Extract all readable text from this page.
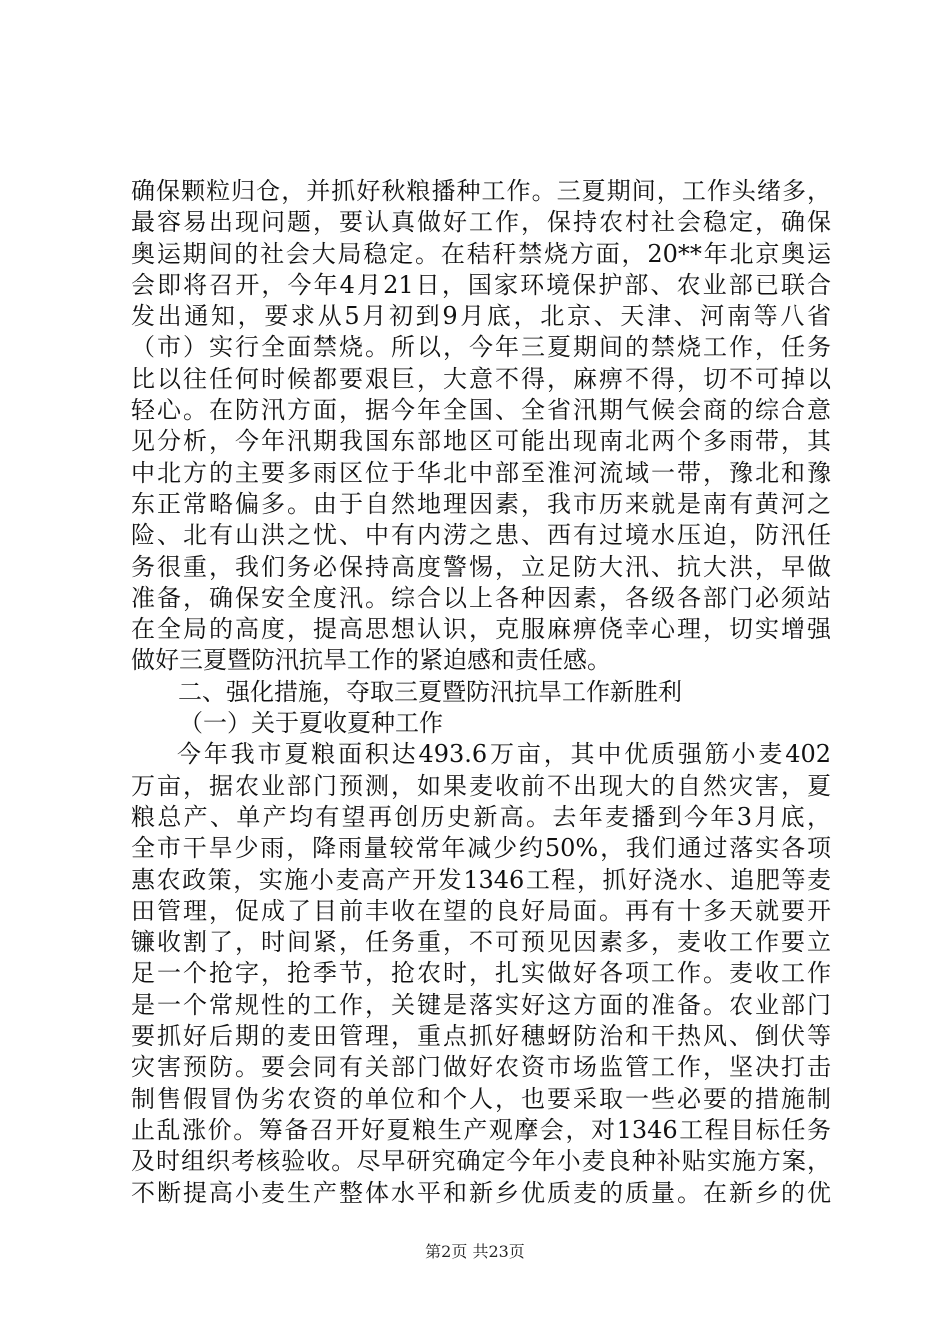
确保颗粒归仓，并抓好秋粮播种工作。三夏期间，工作头绪多，
最容易出现问题，要认真做好工作，保持农村社会稳定，确保
奥运期间的社会大局稳定。在秸秆禁烧方面，20**年北京奥运
会即将召开，今年4月21日，国家环境保护部、农业部已联合
发出通知，要求从5月初到9月底，北京、天津、河南等八省
（市）实行全面禁烧。所以，今年三夏期间的禁烧工作，任务
比以往任何时候都要艰巨，大意不得，麻痹不得，切不可掉以
轻心。在防汛方面，据今年全国、全省汛期气候会商的综合意
见分析，今年汛期我国东部地区可能出现南北两个多雨带，其
中北方的主要多雨区位于华北中部至淮河流域一带，豫北和豫
东正常略偏多。由于自然地理因素，我市历来就是南有黄河之
险、北有山洪之忧、中有内涝之患、西有过境水压迫，防汛任
务很重，我们务必保持高度警惕，立足防大汛、抗大洪，早做
准备，确保安全度汛。综合以上各种因素，各级各部门必须站
在全局的高度，提高思想认识，克服麻痹侥幸心理，切实增强
做好三夏暨防汛抗旱工作的紧迫感和责任感。
二、强化措施，夺取三夏暨防汛抗旱工作新胜利
（一）关于夏收夏种工作
今年我市夏粮面积达493.6万亩，其中优质强筋小麦402
万亩，据农业部门预测，如果麦收前不出现大的自然灾害，夏
粮总产、单产均有望再创历史新高。去年麦播到今年3月底，
全市干旱少雨，降雨量较常年减少约50%，我们通过落实各项
惠农政策，实施小麦高产开发1346工程，抓好浇水、追肥等麦
田管理，促成了目前丰收在望的良好局面。再有十多天就要开
镰收割了，时间紧，任务重，不可预见因素多，麦收工作要立
足一个抢字，抢季节，抢农时，扎实做好各项工作。麦收工作
是一个常规性的工作，关键是落实好这方面的准备。农业部门
要抓好后期的麦田管理，重点抓好穗蚜防治和干热风、倒伏等
灾害预防。要会同有关部门做好农资市场监管工作，坚决打击
制售假冒伪劣农资的单位和个人，也要采取一些必要的措施制
止乱涨价。筹备召开好夏粮生产观摩会，对1346工程目标任务
及时组织考核验收。尽早研究确定今年小麦良种补贴实施方案，
不断提高小麦生产整体水平和新乡优质麦的质量。在新乡的优
第2页 共23页
